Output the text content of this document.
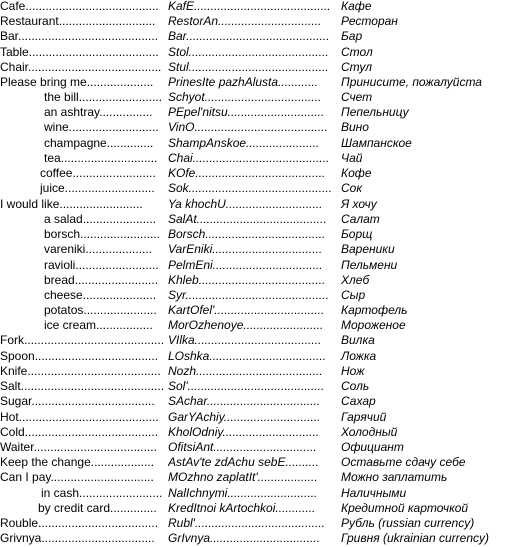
Cafe........................................ KafE......................................... Кафе
Restaurant............................. RestorAn............................... Ресторан
Bar.......................................... Bar........................................... Бар
Table....................................... Stol.......................................... Стол
Chair........................................ Stul.......................................... Стул
Please bring me.................... PrinesIte pazhAlusta............ Принисите, пожалуйста
the bill......................... Schyot................................... Счет
an ashtray................ PEpel'nitsu............................. Пепельницу
wine........................... VinO........................................ Вино
champagne.............. ShampAnskoe...................... Шампанское
tea............................. Chai......................................... Чай
coffee......................... KOfe....................................... Кофе
juice........................... Sok........................................... Сок
I would like......................... Ya khochU............................. Я хочу
a salad...................... SalAt....................................... Салат
borsch........................ Borsch.................................... Борщ
vareniki.................... VarEniki................................. Вареники
ravioli......................... PelmEni................................. Пельмени
bread......................... Khleb...................................... Хлеб
cheese...................... Syr........................................... Сыр
potatos...................... KartOfel'................................. Картофель
ice cream................. MorOzhenoye........................ Мороженое
Fork.......................................... VIlka...................................... Вилка
Spoon..................................... LOshka................................... Ложка
Knife........................................ Nozh...................................... Нож
Salt........................................... Sol'......................................... Соль
Sugar..................................... SAchar.................................. Сахар
Hot.......................................... GarYAchiy............................. Гарячий
Cold........................................ KholOdniy............................. Холодный
Waiter..................................... OfitsiAnt............................... Официант
Keep the change................... AstAv'te zdAchu sebE.......... Оставьте сдачу себе
Can I pay............................... MOzhno zaplatIt'.................. Можно заплатить
in cash......................... NalIchnymi........................... Наличными
by credit card.............. KredItnoi kArtochkoi............ Кредитной карточкой
Rouble.................................... Rubl'....................................... Рубль (russian currency)
Grivnya.................................. GrIvnya................................. Гривня (ukrainian currency)
